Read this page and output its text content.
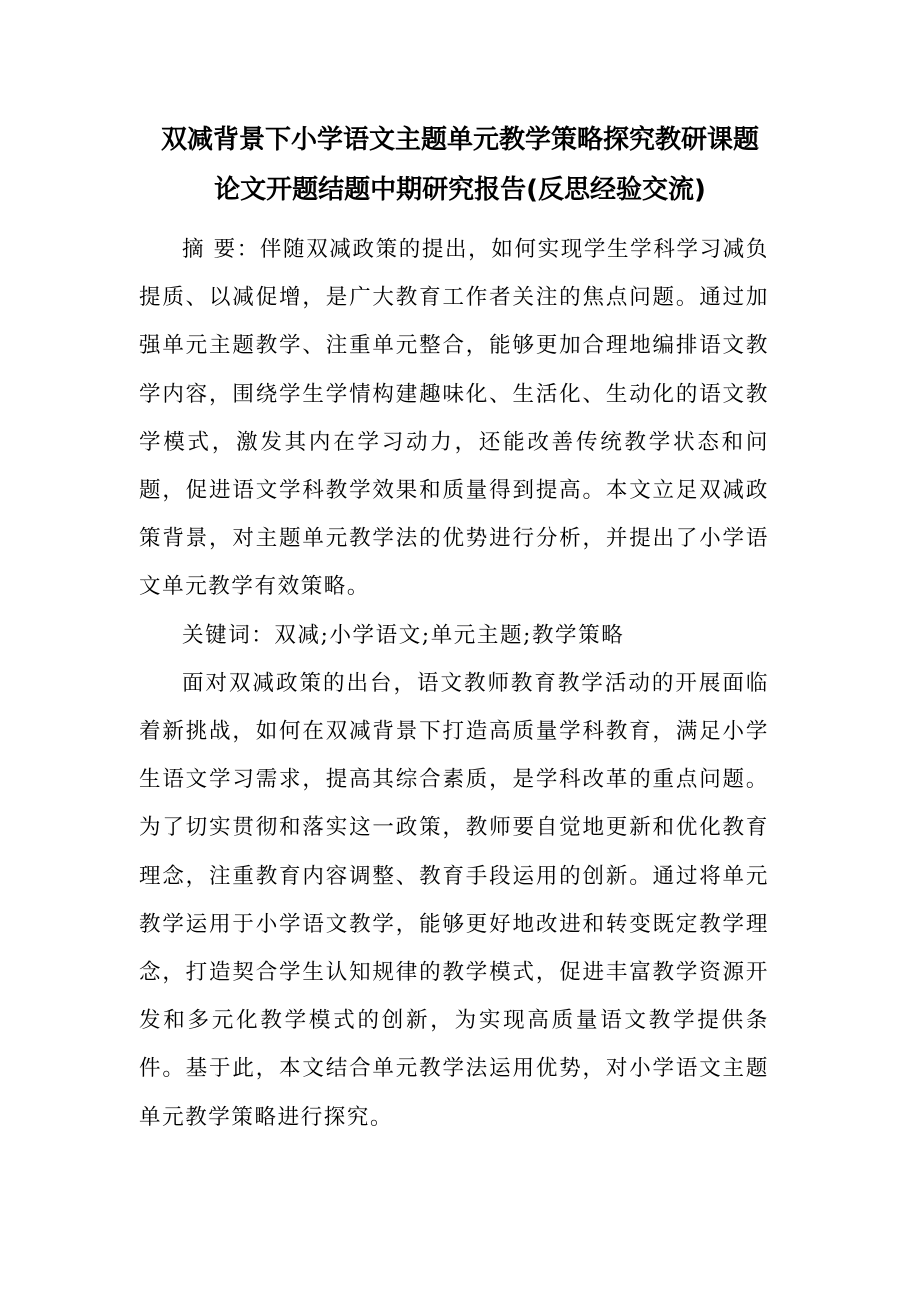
双减背景下小学语文主题单元教学策略探究教研课题
论文开题结题中期研究报告(反思经验交流)

摘 要：伴随双减政策的提出，如何实现学生学科学习减负提质、以减促增，是广大教育工作者关注的焦点问题。通过加强单元主题教学、注重单元整合，能够更加合理地编排语文教学内容，围绕学生学情构建趣味化、生活化、生动化的语文教学模式，激发其内在学习动力，还能改善传统教学状态和问题，促进语文学科教学效果和质量得到提高。本文立足双减政策背景，对主题单元教学法的优势进行分析，并提出了小学语文单元教学有效策略。

关键词：双减;小学语文;单元主题;教学策略

面对双减政策的出台，语文教师教育教学活动的开展面临着新挑战，如何在双减背景下打造高质量学科教育，满足小学生语文学习需求，提高其综合素质，是学科改革的重点问题。为了切实贯彻和落实这一政策，教师要自觉地更新和优化教育理念，注重教育内容调整、教育手段运用的创新。通过将单元教学运用于小学语文教学，能够更好地改进和转变既定教学理念，打造契合学生认知规律的教学模式，促进丰富教学资源开发和多元化教学模式的创新，为实现高质量语文教学提供条件。基于此，本文结合单元教学法运用优势，对小学语文主题单元教学策略进行探究。
